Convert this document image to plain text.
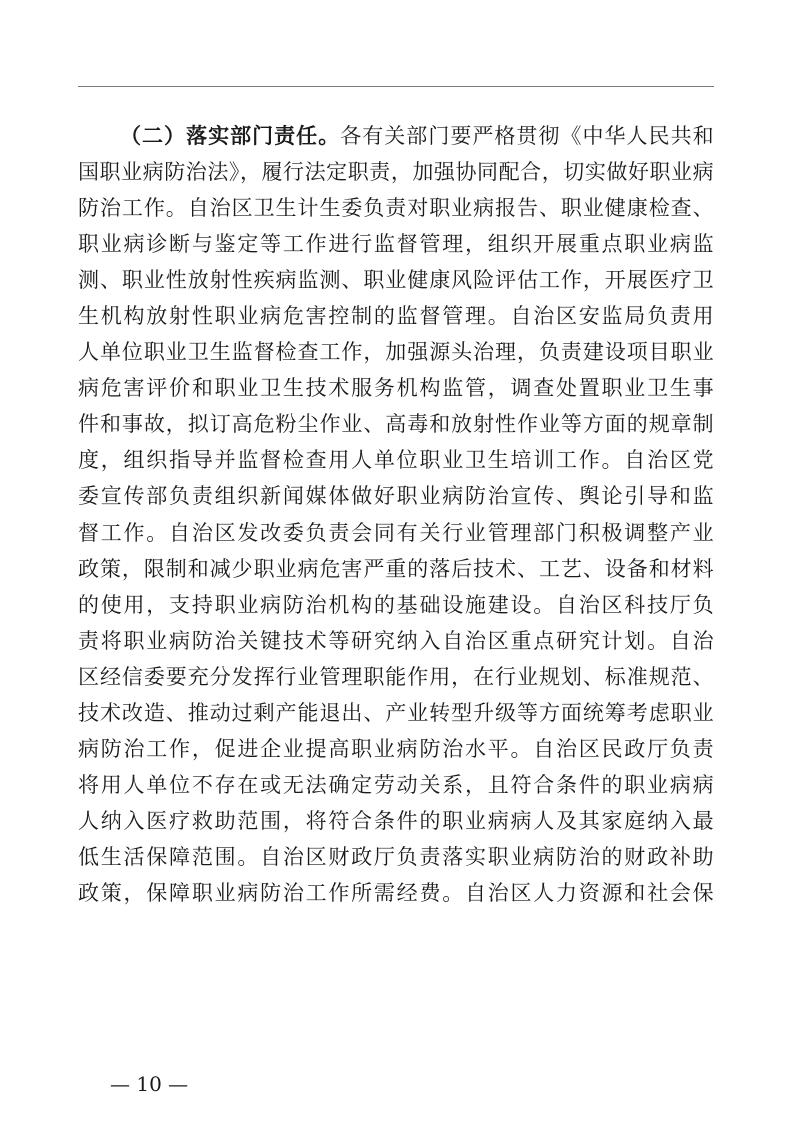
（二）落实部门责任。各有关部门要严格贯彻《中华人民共和
国职业病防治法》，履行法定职责，加强协同配合，切实做好职业病
防治工作。自治区卫生计生委负责对职业病报告、职业健康检查、
职业病诊断与鉴定等工作进行监督管理，组织开展重点职业病监
测、职业性放射性疾病监测、职业健康风险评估工作，开展医疗卫
生机构放射性职业病危害控制的监督管理。自治区安监局负责用
人单位职业卫生监督检查工作，加强源头治理，负责建设项目职业
病危害评价和职业卫生技术服务机构监管，调查处置职业卫生事
件和事故，拟订高危粉尘作业、高毒和放射性作业等方面的规章制
度，组织指导并监督检查用人单位职业卫生培训工作。自治区党
委宣传部负责组织新闻媒体做好职业病防治宣传、舆论引导和监
督工作。自治区发改委负责会同有关行业管理部门积极调整产业
政策，限制和减少职业病危害严重的落后技术、工艺、设备和材料
的使用，支持职业病防治机构的基础设施建设。自治区科技厅负
责将职业病防治关键技术等研究纳入自治区重点研究计划。自治
区经信委要充分发挥行业管理职能作用，在行业规划、标准规范、
技术改造、推动过剩产能退出、产业转型升级等方面统筹考虑职业
病防治工作，促进企业提高职业病防治水平。自治区民政厅负责
将用人单位不存在或无法确定劳动关系，且符合条件的职业病病
人纳入医疗救助范围，将符合条件的职业病病人及其家庭纳入最
低生活保障范围。自治区财政厅负责落实职业病防治的财政补助
政策，保障职业病防治工作所需经费。自治区人力资源和社会保
— 10 —
